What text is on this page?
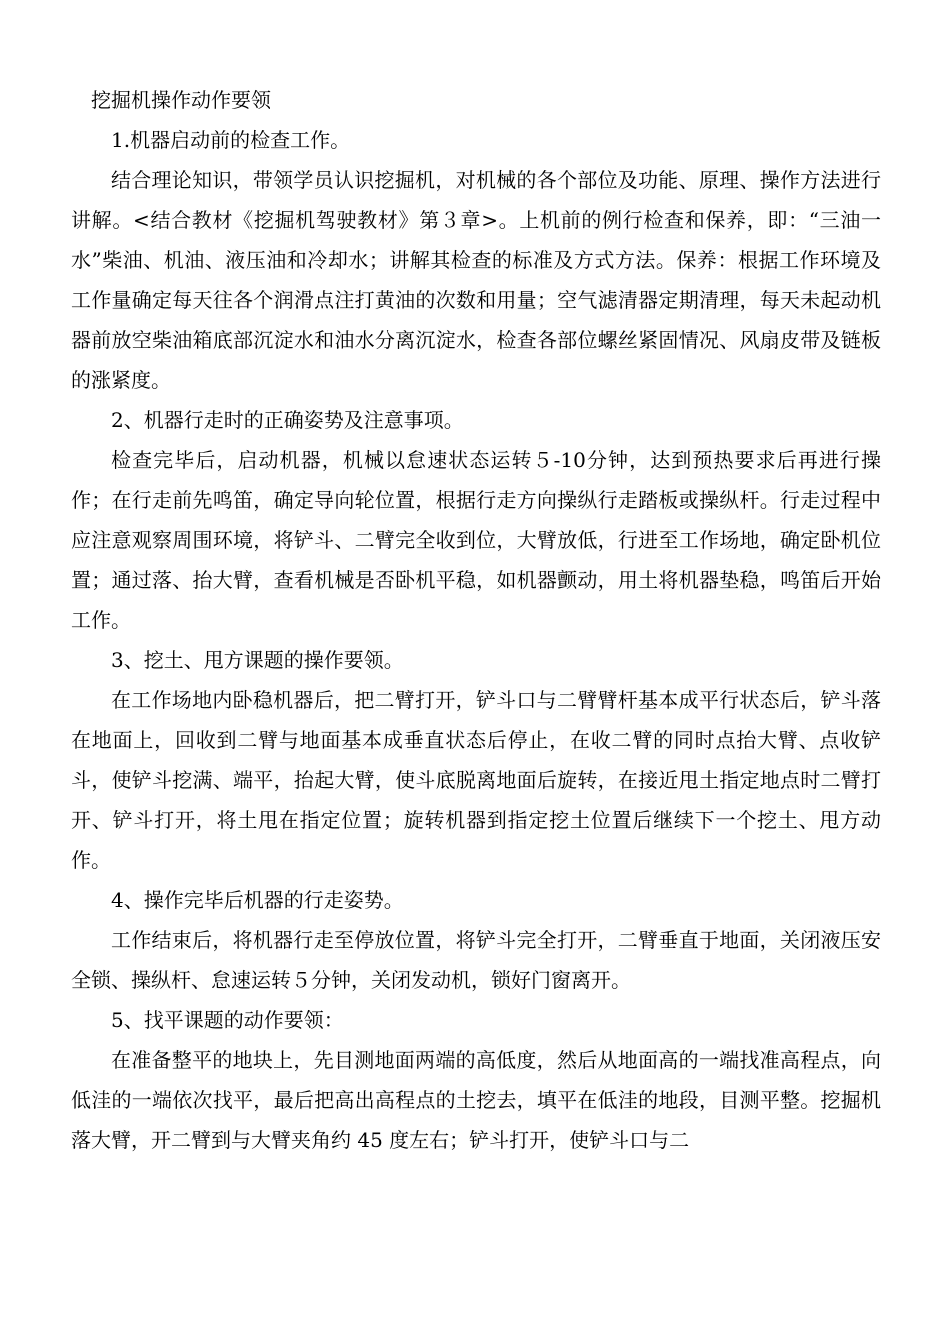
挖掘机操作动作要领

1.机器启动前的检查工作。

结合理论知识，带领学员认识挖掘机，对机械的各个部位及功能、原理、操作方法进行讲解。<结合教材《挖掘机驾驶教材》第３章>。上机前的例行检查和保养，即：“三油一水”柴油、机油、液压油和冷却水；讲解其检查的标准及方式方法。保养：根据工作环境及工作量确定每天往各个润滑点注打黄油的次数和用量；空气滤清器定期清理，每天未起动机器前放空柴油箱底部沉淀水和油水分离沉淀水，检查各部位螺丝紧固情况、风扇皮带及链板的涨紧度。

2、机器行走时的正确姿势及注意事项。

检查完毕后，启动机器，机械以怠速状态运转５-10分钟，达到预热要求后再进行操作；在行走前先鸣笛，确定导向轮位置，根据行走方向操纵行走踏板或操纵杆。行走过程中应注意观察周围环境，将铲斗、二臂完全收到位，大臂放低，行进至工作场地，确定卧机位置；通过落、抬大臂，查看机械是否卧机平稳，如机器颤动，用土将机器垫稳，鸣笛后开始工作。

3、挖土、甩方课题的操作要领。

在工作场地内卧稳机器后，把二臂打开，铲斗口与二臂臂杆基本成平行状态后，铲斗落在地面上，回收到二臂与地面基本成垂直状态后停止，在收二臂的同时点抬大臂、点收铲斗，使铲斗挖满、端平，抬起大臂，使斗底脱离地面后旋转，在接近甩土指定地点时二臂打开、铲斗打开，将土甩在指定位置；旋转机器到指定挖土位置后继续下一个挖土、甩方动作。

4、操作完毕后机器的行走姿势。

工作结束后，将机器行走至停放位置，将铲斗完全打开，二臂垂直于地面，关闭液压安全锁、操纵杆、怠速运转５分钟，关闭发动机，锁好门窗离开。

5、找平课题的动作要领：

在准备整平的地块上，先目测地面两端的高低度，然后从地面高的一端找准高程点，向低洼的一端依次找平，最后把高出高程点的土挖去，填平在低洼的地段，目测平整。挖掘机落大臂，开二臂到与大臂夹角约 45 度左右；铲斗打开，使铲斗口与二
